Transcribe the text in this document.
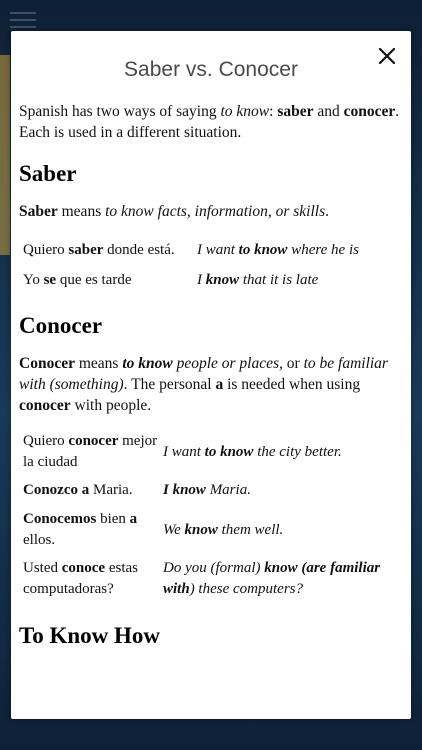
Saber vs. Conocer

Spanish has two ways of saying to know: saber and conocer. Each is used in a different situation.

Saber

Saber means to know facts, information, or skills.

Quiero saber donde está.	I want to know where he is
Yo se que es tarde	I know that it is late
Conocer

Conocer means to know people or places, or to be familiar with (something). The personal a is needed when using conocer with people.

Quiero conocer mejor la ciudad	I want to know the city better.
Conozco a Maria.	I know Maria.
Conocemos bien a ellos.	We know them well.
Usted conoce estas computadoras?	Do you (formal) know (are familiar with) these computers?
To Know How
